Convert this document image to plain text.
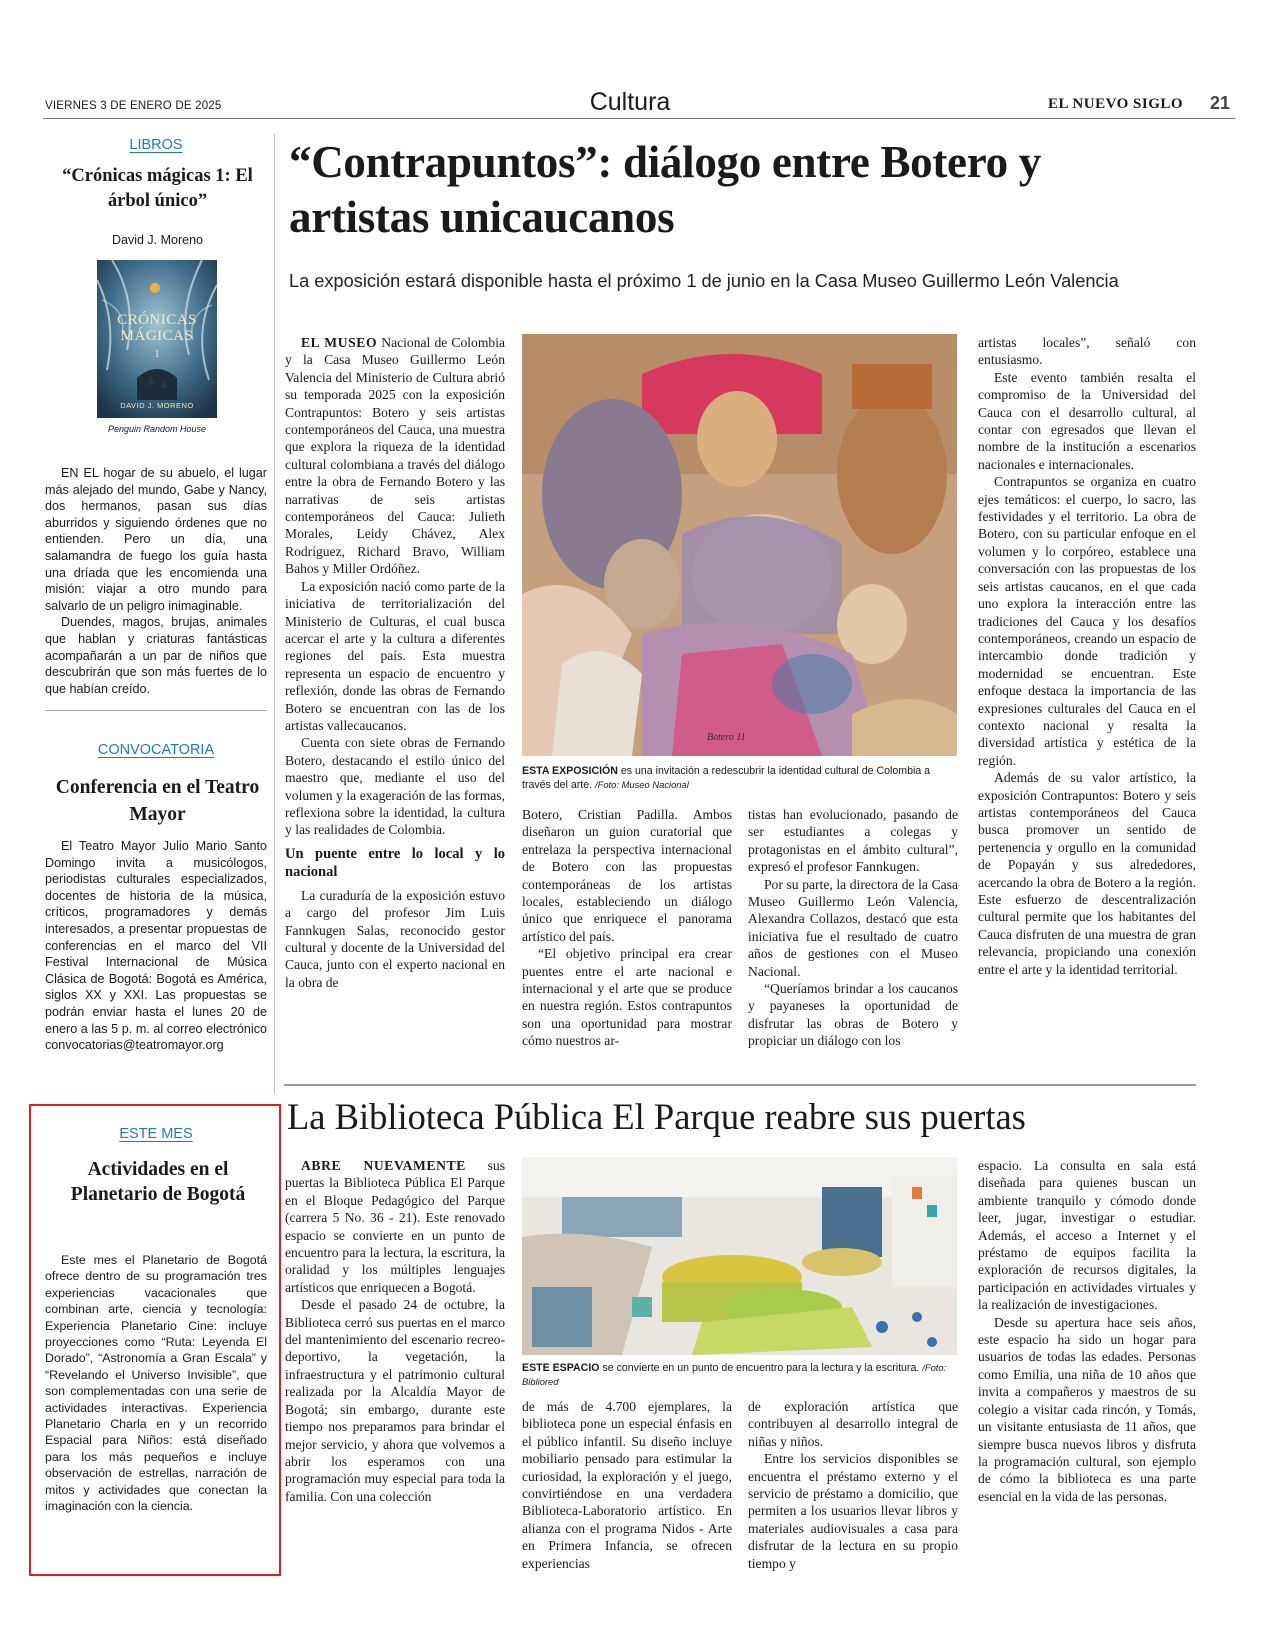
VIERNES 3 DE ENERO DE 2025	Cultura	EL NUEVO SIGLO 21
LIBROS
“Crónicas mágicas 1: El árbol único”
David J. Moreno
CRÓNICAS MÁGICAS
1
DAVID J. MORENO
Penguin Random House

EN EL hogar de su abuelo, el lugar más alejado del mundo, Gabe y Nancy, dos hermanos, pasan sus días aburridos y siguiendo órdenes que no entienden. Pero un día, una salamandra de fuego los guía hasta una dríada que les encomienda una misión: viajar a otro mundo para salvarlo de un peligro inimaginable.

Duendes, magos, brujas, animales que hablan y criaturas fantásticas acompañarán a un par de niños que descubrirán que son más fuertes de lo que habían creído.

CONVOCATORIA
Conferencia en el Teatro Mayor

El Teatro Mayor Julio Mario Santo Domingo invita a musicólogos, periodistas culturales especializados, docentes de historia de la música, críticos, programadores y demás interesados, a presentar propuestas de conferencias en el marco del VII Festival Internacional de Música Clásica de Bogotá: Bogotá es América, siglos XX y XXI. Las propuestas se podrán enviar hasta el lunes 20 de enero a las 5 p. m. al correo electrónico convocatorias@teatromayor.org

ESTE MES
Actividades en el Planetario de Bogotá

Este mes el Planetario de Bogotá ofrece dentro de su programación tres experiencias vacacionales que combinan arte, ciencia y tecnología: Experiencia Planetario Cine: incluye proyecciones como “Ruta: Leyenda El Dorado”, “Astronomía a Gran Escala” y “Revelando el Universo Invisible”, que son complementadas con una serie de actividades interactivas. Experiencia Planetario Charla en y un recorrido Espacial para Niños: está diseñado para los más pequeños e incluye observación de estrellas, narración de mitos y actividades que conectan la imaginación con la ciencia.

“Contrapuntos”: diálogo entre Botero y artistas unicaucanos
La exposición estará disponible hasta el próximo 1 de junio en la Casa Museo Guillermo León Valencia

EL MUSEO Nacional de Colombia y la Casa Museo Guillermo León Valencia del Ministerio de Cultura abrió su temporada 2025 con la exposición Contrapuntos: Botero y seis artistas contemporáneos del Cauca, una muestra que explora la riqueza de la identidad cultural colombiana a través del diálogo entre la obra de Fernando Botero y las narrativas de seis artistas contemporáneos del Cauca: Julieth Morales, Leidy Chávez, Alex Rodríguez, Richard Bravo, William Bahos y Miller Ordóñez.

La exposición nació como parte de la iniciativa de territorialización del Ministerio de Culturas, el cual busca acercar el arte y la cultura a diferentes regiones del país. Esta muestra representa un espacio de encuentro y reflexión, donde las obras de Fernando Botero se encuentran con las de los artistas vallecaucanos.

Cuenta con siete obras de Fernando Botero, destacando el estilo único del maestro que, mediante el uso del volumen y la exageración de las formas, reflexiona sobre la identidad, la cultura y las realidades de Colombia.

Un puente entre lo local y lo nacional

La curaduría de la exposición estuvo a cargo del profesor Jim Luis Fannkugen Salas, reconocido gestor cultural y docente de la Universidad del Cauca, junto con el experto nacional en la obra de

Botero 11
ESTA EXPOSICIÓN es una invitación a redescubrir la identidad cultural de Colombia a través del arte. /Foto: Museo Nacional

Botero, Cristian Padilla. Ambos diseñaron un guion curatorial que entrelaza la perspectiva internacional de Botero con las propuestas contemporáneas de los artistas locales, estableciendo un diálogo único que enriquece el panorama artístico del país.

“El objetivo principal era crear puentes entre el arte nacional e internacional y el arte que se produce en nuestra región. Estos contrapuntos son una oportunidad para mostrar cómo nuestros ar-

tistas han evolucionado, pasando de ser estudiantes a colegas y protagonistas en el ámbito cultural”, expresó el profesor Fannkugen.

Por su parte, la directora de la Casa Museo Guillermo León Valencia, Alexandra Collazos, destacó que esta iniciativa fue el resultado de cuatro años de gestiones con el Museo Nacional.

“Queríamos brindar a los caucanos y payaneses la oportunidad de disfrutar las obras de Botero y propiciar un diálogo con los

artistas locales”, señaló con entusiasmo.

Este evento también resalta el compromiso de la Universidad del Cauca con el desarrollo cultural, al contar con egresados que llevan el nombre de la institución a escenarios nacionales e internacionales.

Contrapuntos se organiza en cuatro ejes temáticos: el cuerpo, lo sacro, las festividades y el territorio. La obra de Botero, con su particular enfoque en el volumen y lo corpóreo, establece una conversación con las propuestas de los seis artistas caucanos, en el que cada uno explora la interacción entre las tradiciones del Cauca y los desafíos contemporáneos, creando un espacio de intercambio donde tradición y modernidad se encuentran. Este enfoque destaca la importancia de las expresiones culturales del Cauca en el contexto nacional y resalta la diversidad artística y estética de la región.

Además de su valor artístico, la exposición Contrapuntos: Botero y seis artistas contemporáneos del Cauca busca promover un sentido de pertenencia y orgullo en la comunidad de Popayán y sus alrededores, acercando la obra de Botero a la región. Este esfuerzo de descentralización cultural permite que los habitantes del Cauca disfruten de una muestra de gran relevancia, propiciando una conexión entre el arte y la identidad territorial.

La Biblioteca Pública El Parque reabre sus puertas

ABRE NUEVAMENTE sus puertas la Biblioteca Pública El Parque en el Bloque Pedagógico del Parque (carrera 5 No. 36 - 21). Este renovado espacio se convierte en un punto de encuentro para la lectura, la escritura, la oralidad y los múltiples lenguajes artísticos que enriquecen a Bogotá.

Desde el pasado 24 de octubre, la Biblioteca cerró sus puertas en el marco del mantenimiento del escenario recreo-deportivo, la vegetación, la infraestructura y el patrimonio cultural realizada por la Alcaldía Mayor de Bogotá; sin embargo, durante este tiempo nos preparamos para brindar el mejor servicio, y ahora que volvemos a abrir los esperamos con una programación muy especial para toda la familia. Con una colección

ESTE ESPACIO se convierte en un punto de encuentro para la lectura y la escritura. /Foto: Bibliored

de más de 4.700 ejemplares, la biblioteca pone un especial énfasis en el público infantil. Su diseño incluye mobiliario pensado para estimular la curiosidad, la exploración y el juego, convirtiéndose en una verdadera Biblioteca-Laboratorio artístico. En alianza con el programa Nidos - Arte en Primera Infancia, se ofrecen experiencias

de exploración artística que contribuyen al desarrollo integral de niñas y niños.

Entre los servicios disponibles se encuentra el préstamo externo y el servicio de préstamo a domicilio, que permiten a los usuarios llevar libros y materiales audiovisuales a casa para disfrutar de la lectura en su propio tiempo y

espacio. La consulta en sala está diseñada para quienes buscan un ambiente tranquilo y cómodo donde leer, jugar, investigar o estudiar. Además, el acceso a Internet y el préstamo de equipos facilita la exploración de recursos digitales, la participación en actividades virtuales y la realización de investigaciones.

Desde su apertura hace seis años, este espacio ha sido un hogar para usuarios de todas las edades. Personas como Emilia, una niña de 10 años que invita a compañeros y maestros de su colegio a visitar cada rincón, y Tomás, un visitante entusiasta de 11 años, que siempre busca nuevos libros y disfruta la programación cultural, son ejemplo de cómo la biblioteca es una parte esencial en la vida de las personas.
